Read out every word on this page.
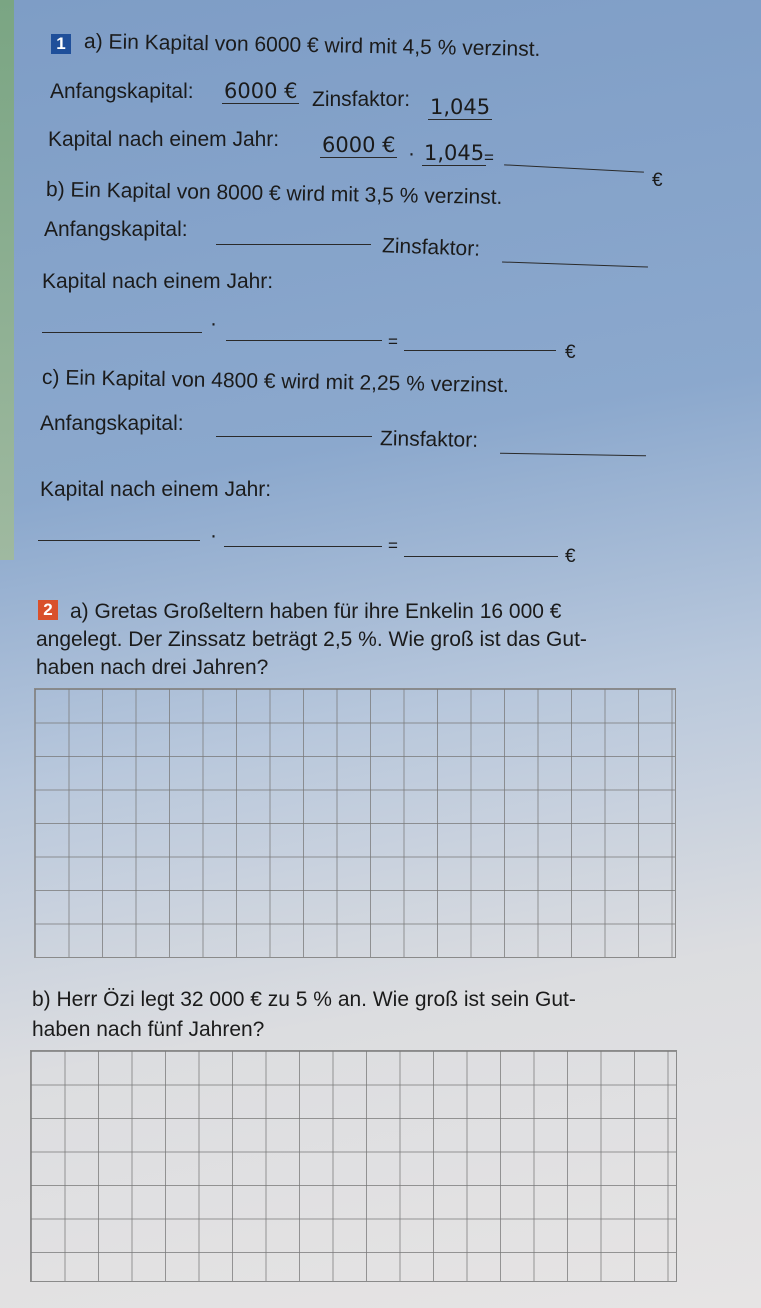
1 a) Ein Kapital von 6000 € wird mit 4,5 % verzinst.
Anfangskapital: 6000 € Zinsfaktor: 1,045
Kapital nach einem Jahr: 6000 € · 1,045 =
€
b) Ein Kapital von 8000 € wird mit 3,5 % verzinst.
Anfangskapital:
Zinsfaktor:
Kapital nach einem Jahr:
·
=
€
c) Ein Kapital von 4800 € wird mit 2,25 % verzinst.
Anfangskapital:
Zinsfaktor:
Kapital nach einem Jahr:
·	=
€
2 a) Gretas Großeltern haben für ihre Enkelin 16 000 €
angelegt. Der Zinssatz beträgt 2,5 %. Wie groß ist das Gut-
haben nach drei Jahren?
b) Herr Özi legt 32 000 € zu 5 % an. Wie groß ist sein Gut-
haben nach fünf Jahren?
